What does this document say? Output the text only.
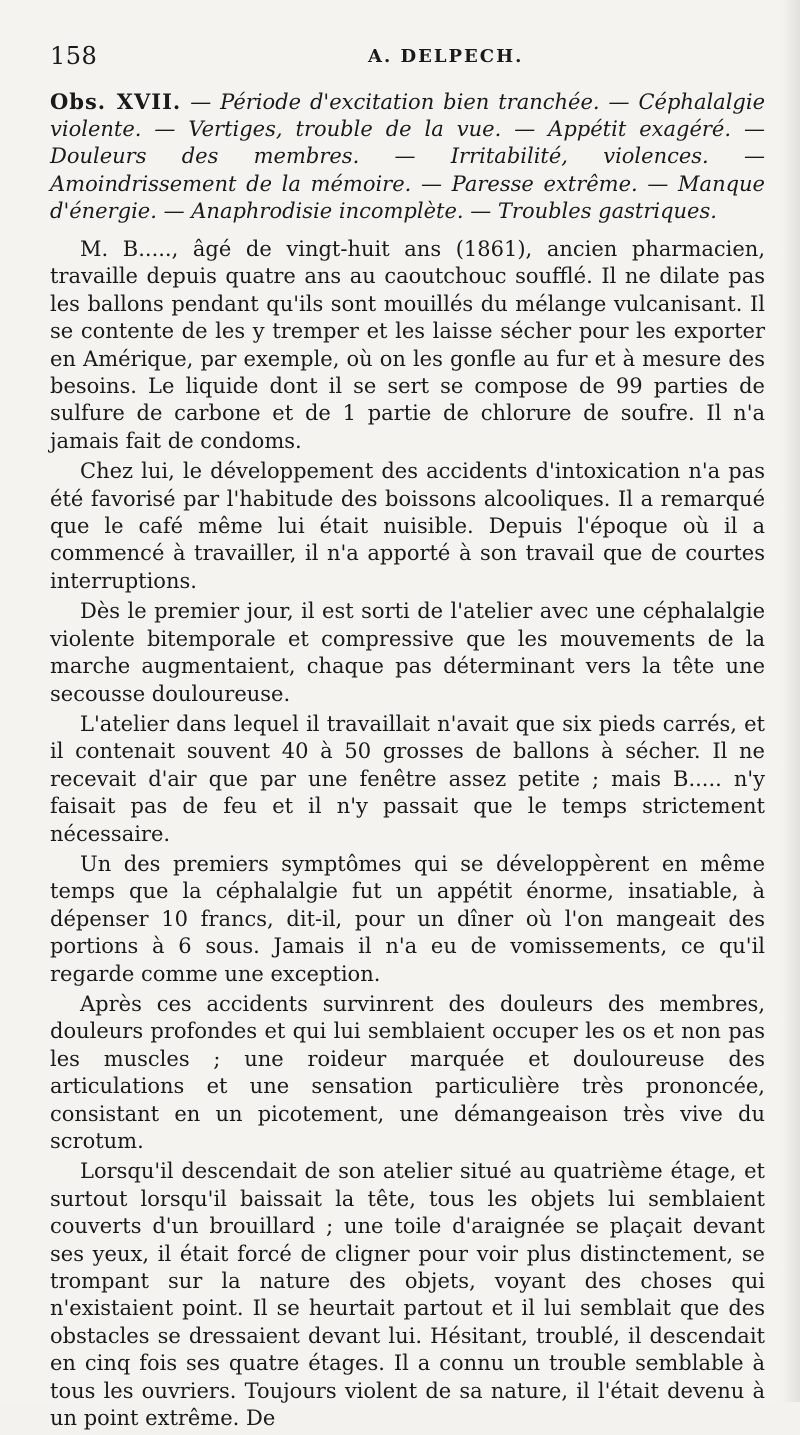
158	A. DELPECH.
Obs. XVII. — Période d'excitation bien tranchée. — Céphalalgie violente. — Vertiges, trouble de la vue. — Appétit exagéré. — Douleurs des membres. — Irritabilité, violences. — Amoindrissement de la mémoire. — Paresse extrême. — Manque d'énergie. — Anaphrodisie incomplète. — Troubles gastriques.

M. B....., âgé de vingt-huit ans (1861), ancien pharmacien, travaille depuis quatre ans au caoutchouc soufflé. Il ne dilate pas les ballons pendant qu'ils sont mouillés du mélange vulcanisant. Il se contente de les y tremper et les laisse sécher pour les exporter en Amérique, par exemple, où on les gonfle au fur et à mesure des besoins. Le liquide dont il se sert se compose de 99 parties de sulfure de carbone et de 1 partie de chlorure de soufre. Il n'a jamais fait de condoms.

Chez lui, le développement des accidents d'intoxication n'a pas été favorisé par l'habitude des boissons alcooliques. Il a remarqué que le café même lui était nuisible. Depuis l'époque où il a commencé à travailler, il n'a apporté à son travail que de courtes interruptions.

Dès le premier jour, il est sorti de l'atelier avec une céphalalgie violente bitemporale et compressive que les mouvements de la marche augmentaient, chaque pas déterminant vers la tête une secousse douloureuse.

L'atelier dans lequel il travaillait n'avait que six pieds carrés, et il contenait souvent 40 à 50 grosses de ballons à sécher. Il ne recevait d'air que par une fenêtre assez petite ; mais B..... n'y faisait pas de feu et il n'y passait que le temps strictement nécessaire.

Un des premiers symptômes qui se développèrent en même temps que la céphalalgie fut un appétit énorme, insatiable, à dépenser 10 francs, dit-il, pour un dîner où l'on mangeait des portions à 6 sous. Jamais il n'a eu de vomissements, ce qu'il regarde comme une exception.

Après ces accidents survinrent des douleurs des membres, douleurs profondes et qui lui semblaient occuper les os et non pas les muscles ; une roideur marquée et douloureuse des articulations et une sensation particulière très prononcée, consistant en un picotement, une démangeaison très vive du scrotum.

Lorsqu'il descendait de son atelier situé au quatrième étage, et surtout lorsqu'il baissait la tête, tous les objets lui semblaient couverts d'un brouillard ; une toile d'araignée se plaçait devant ses yeux, il était forcé de cligner pour voir plus distinctement, se trompant sur la nature des objets, voyant des choses qui n'existaient point. Il se heurtait partout et il lui semblait que des obstacles se dressaient devant lui. Hésitant, troublé, il descendait en cinq fois ses quatre étages. Il a connu un trouble semblable à tous les ouvriers. Toujours violent de sa nature, il l'était devenu à un point extrême. De
